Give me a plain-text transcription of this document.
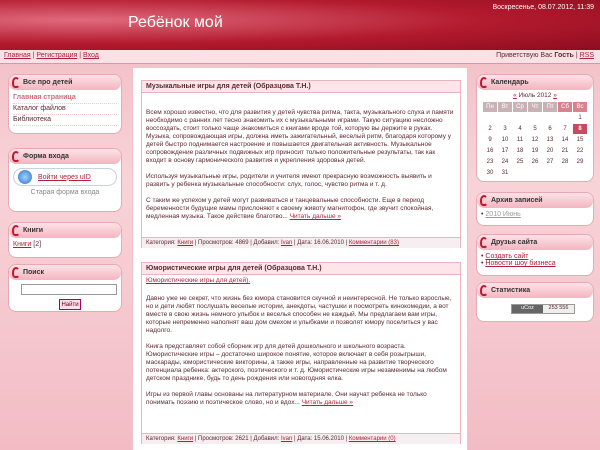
Ребёнок мой
Воскресенье, 08.07.2012, 11:39
Главная | Регистрация | Вход	Приветствую Вас Гость | RSS
Все про детей
Главная страница
Каталог файлов
Библиотека
Форма входа
Войти через uID
Старая форма входа
Книги
Книги [2]
Поиск
Найти
Музыкальные игры для детей (Образцова Т.Н.)

Всем хорошо известно, что для развития у детей чувства ритма, такта, музыкального слуха и памяти необходимо с ранних лет тесно знакомить их с музыкальными играми. Такую ситуацию несложно воссоздать, стоит только чаще знакомиться с книгами вроде той, которую вы держите в руках. Музыка, сопровождающая игры, должна иметь зажигательный, веселый ритм, благодаря которому у детей быстро поднимается настроение и повышается двигательная активность. Музыкальное сопровождение различных подвижных игр приносит только положительные результаты, так как входит в основу гармонического развития и укрепления здоровья детей.

Используя музыкальные игры, родители и учителя имеют прекрасную возможность выявить и развить у ребенка музыкальные способности: слух, голос, чувство ритма и т. д.

С таким же успехом у детей могут развиваться и танцевальные способности. Еще в период беременности будущие мамы прислоняют к своему животу магнитофон, где звучит спокойная, медленная музыка. Такое действие благотво... Читать дальше »

Категория: Книги | Просмотров: 4869 | Добавил: Ivan | Дата: 16.06.2010 | Комментарии (83)
Юмористические игры для детей (Образцова Т.Н.)

Юмористические игры для детей).

Давно уже не секрет, что жизнь без юмора становится скучной и неинтересной. Не только взрослые, но и дети любят послушать веселые истории, анекдоты, частушки и посмотреть кинокомедии, а вот вместе в свою жизнь немного улыбок и веселья способен не каждый. Мы предлагаем вам игры, которые непременно наполнят ваш дом смехом и улыбками и позволят юмору поселиться у вас надолго.

Книга представляет собой сборник игр для детей дошкольного и школьного возраста. Юмористические игры – достаточно широкое понятие, которое включает в себя розыгрыши, маскарады, юмористические викторины, а также игры, направленные на развитие творческого потенциала ребенка: актерского, поэтического и т. д. Юмористические игры незаменимы на любом детском празднике, будь то день рождения или новогодняя елка.

Игры из первой главы основаны на литературном материале. Они научат ребенка не только понимать поэзию и поэтическое слово, но и вдох... Читать дальше »

Категория: Книги | Просмотров: 2621 | Добавил: Ivan | Дата: 15.06.2010 | Комментарии (0)
Календарь
« Июль 2012 »
Пн	Вт	Ср	Чт	Пт	Сб	Вс
						1
2	3	4	5	6	7	8
9	10	11	12	13	14	15
16	17	18	19	20	21	22
23	24	25	26	27	28	29
30	31					
Архив записей
• 2010 Июнь
Друзья сайта
• Создать сайт
• Новости шоу бизнеса
Статистика
uCoz	253 556
